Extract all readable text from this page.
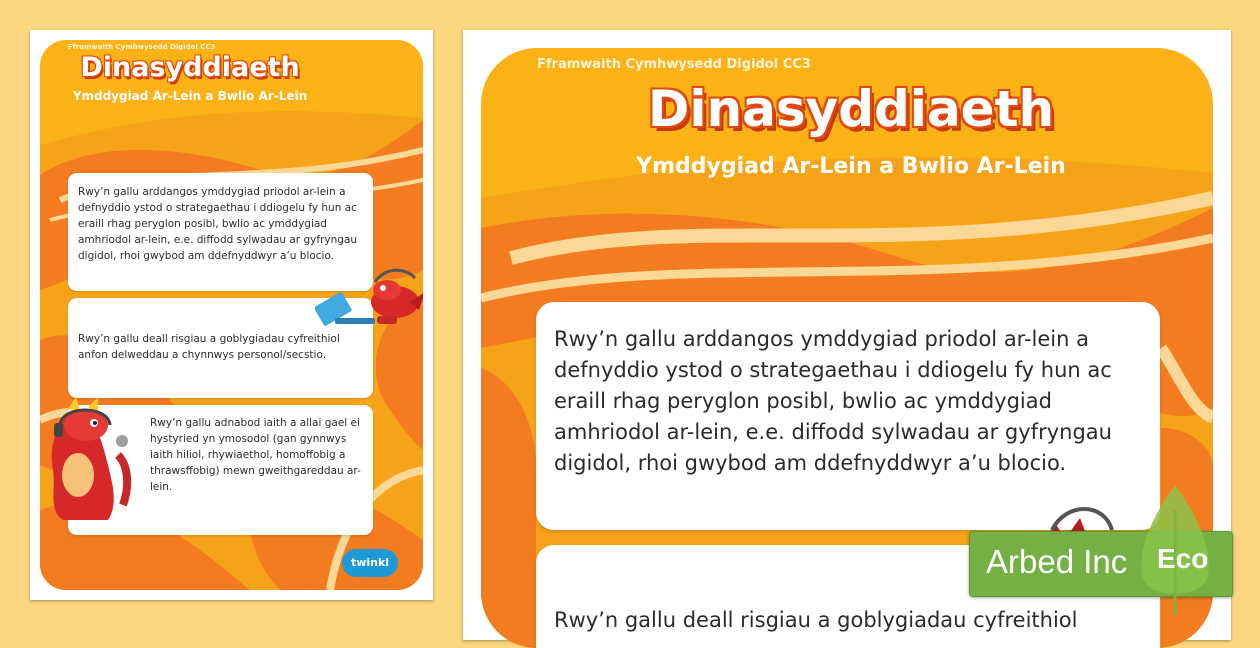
Fframwaith Cymhwysedd Digidol CC3
Dinasyddiaeth
Ymddygiad Ar-Lein a Bwlio Ar-Lein
Rwy’n gallu arddangos ymddygiad priodol ar-lein a defnyddio ystod o strategaethau i ddiogelu fy hun ac eraill rhag peryglon posibl, bwlio ac ymddygiad amhriodol ar-lein, e.e. diffodd sylwadau ar gyfryngau digidol, rhoi gwybod am ddefnyddwyr a’u blocio.
Rwy’n gallu deall risgiau a goblygiadau cyfreithiol anfon delweddau a chynnwys personol/secstio.
Rwy’n gallu adnabod iaith a allai gael ei hystyried yn ymosodol (gan gynnwys iaith hiliol, rhywiaethol, homoffobig a thrawsffobig) mewn gweithgareddau ar-lein.
twinkl
Fframwaith Cymhwysedd Digidol CC3
Dinasyddiaeth
Ymddygiad Ar-Lein a Bwlio Ar-Lein
Rwy’n gallu arddangos ymddygiad priodol ar-lein a defnyddio ystod o strategaethau i ddiogelu fy hun ac eraill rhag peryglon posibl, bwlio ac ymddygiad amhriodol ar-lein, e.e. diffodd sylwadau ar gyfryngau digidol, rhoi gwybod am ddefnyddwyr a’u blocio.
Rwy’n gallu deall risgiau a goblygiadau cyfreithiol
Arbed Inc Eco
